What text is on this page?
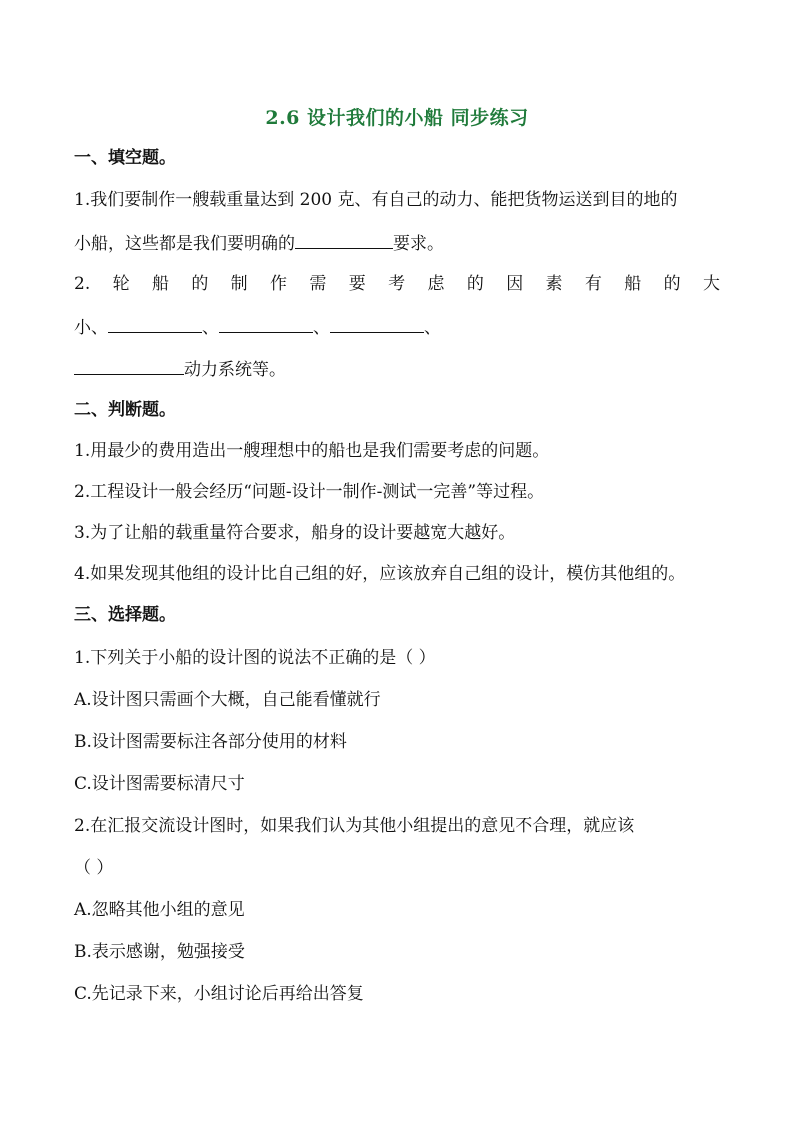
2.6 设计我们的小船 同步练习
一、填空题。
1.我们要制作一艘载重量达到 200 克、有自己的动力、能把货物运送到目的地的
小船，这些都是我们要明确的	要求。
2. 轮 船 的 制 作 需 要 考 虑 的 因 素 有 船 的 大
小、	、	、	、
动力系统等。
二、判断题。
1.用最少的费用造出一艘理想中的船也是我们需要考虑的问题。
2.工程设计一般会经历“问题-设计一制作-测试一完善”等过程。
3.为了让船的载重量符合要求，船身的设计要越宽大越好。
4.如果发现其他组的设计比自己组的好，应该放弃自己组的设计，模仿其他组的。
三、选择题。
1.下列关于小船的设计图的说法不正确的是（ ）
A.设计图只需画个大概，自己能看懂就行
B.设计图需要标注各部分使用的材料
C.设计图需要标清尺寸
2.在汇报交流设计图时，如果我们认为其他小组提出的意见不合理，就应该
（ ）
A.忽略其他小组的意见
B.表示感谢，勉强接受
C.先记录下来，小组讨论后再给出答复
